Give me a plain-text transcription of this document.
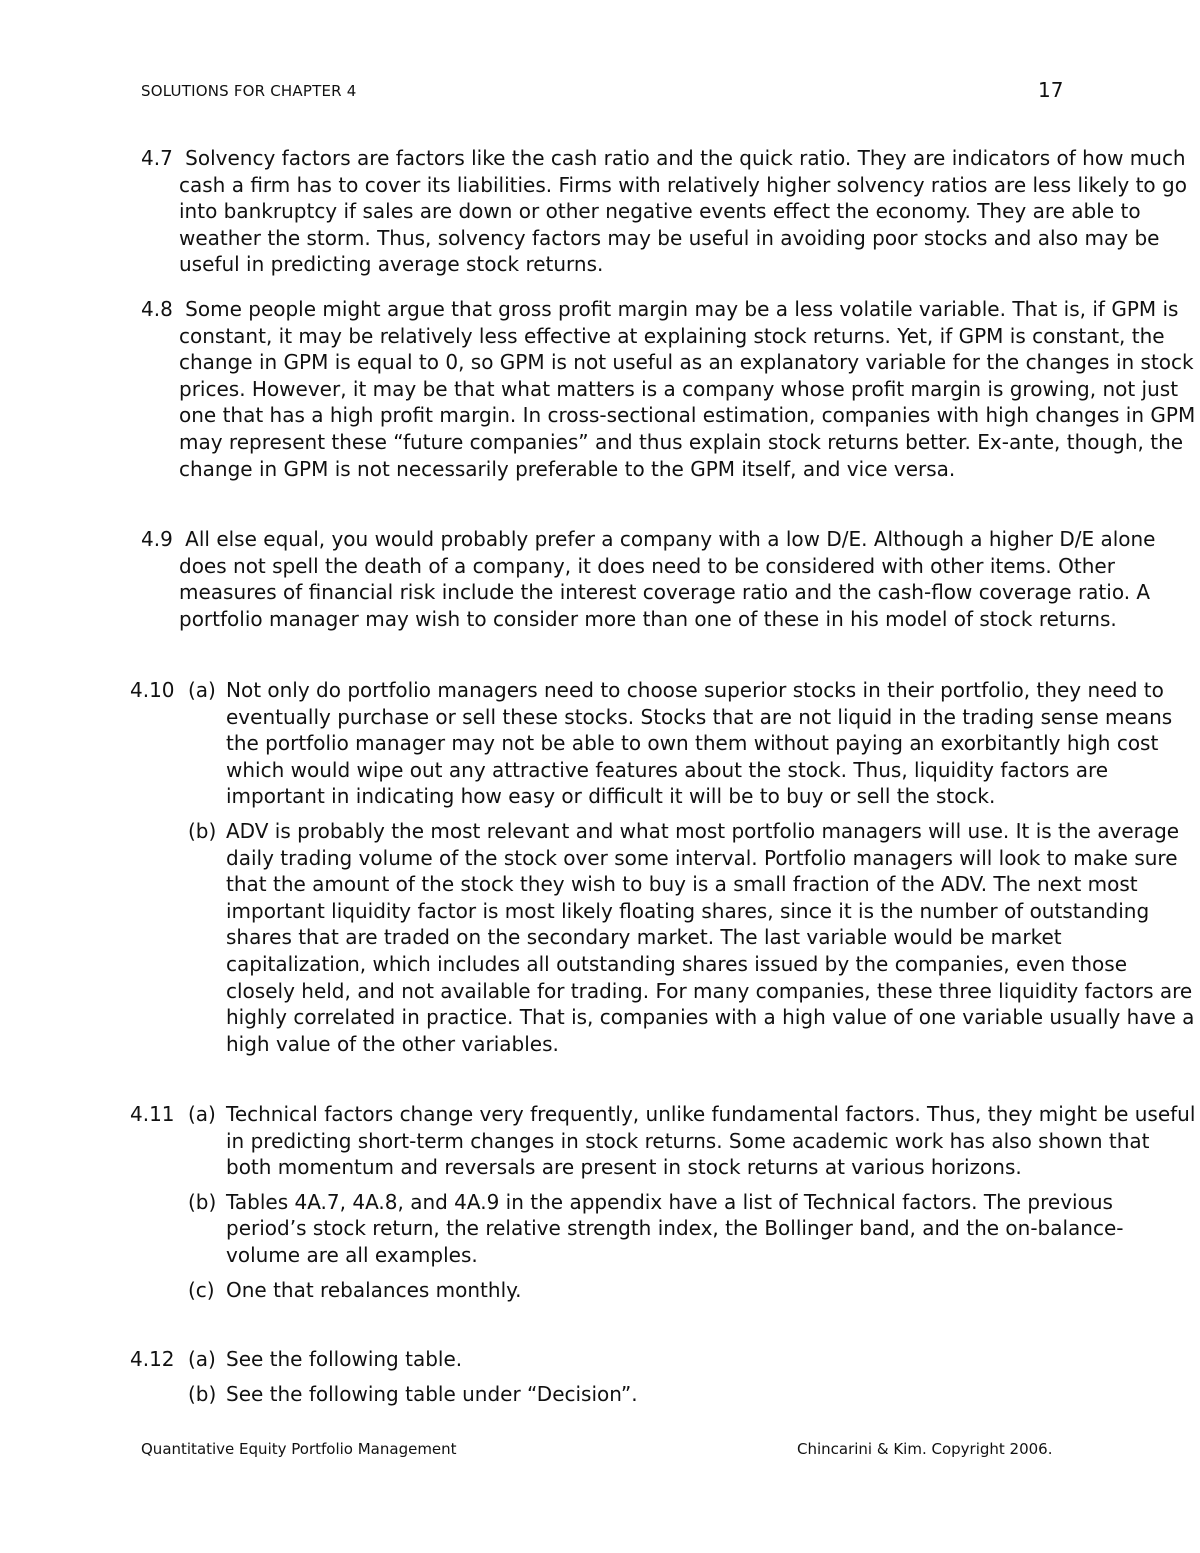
SOLUTIONS FOR CHAPTER 4	17
4.7 Solvency factors are factors like the cash ratio and the quick ratio. They are indicators of how much cash a firm has to cover its liabilities. Firms with relatively higher solvency ratios are less likely to go into bankruptcy if sales are down or other negative events effect the economy. They are able to weather the storm. Thus, solvency factors may be useful in avoiding poor stocks and also may be useful in predicting average stock returns.
4.8 Some people might argue that gross profit margin may be a less volatile variable. That is, if GPM is constant, it may be relatively less effective at explaining stock returns. Yet, if GPM is constant, the change in GPM is equal to 0, so GPM is not useful as an explanatory variable for the changes in stock prices. However, it may be that what matters is a company whose profit margin is growing, not just one that has a high profit margin. In cross-sectional estimation, companies with high changes in GPM may represent these “future companies” and thus explain stock returns better. Ex-ante, though, the change in GPM is not necessarily preferable to the GPM itself, and vice versa.
4.9 All else equal, you would probably prefer a company with a low D/E. Although a higher D/E alone does not spell the death of a company, it does need to be considered with other items. Other measures of financial risk include the interest coverage ratio and the cash-flow coverage ratio. A portfolio manager may wish to consider more than one of these in his model of stock returns.
4.10 (a) Not only do portfolio managers need to choose superior stocks in their portfolio, they need to eventually purchase or sell these stocks. Stocks that are not liquid in the trading sense means the portfolio manager may not be able to own them without paying an exorbitantly high cost which would wipe out any attractive features about the stock. Thus, liquidity factors are important in indicating how easy or difficult it will be to buy or sell the stock.
(b) ADV is probably the most relevant and what most portfolio managers will use. It is the average daily trading volume of the stock over some interval. Portfolio managers will look to make sure that the amount of the stock they wish to buy is a small fraction of the ADV. The next most important liquidity factor is most likely floating shares, since it is the number of outstanding shares that are traded on the secondary market. The last variable would be market capitalization, which includes all outstanding shares issued by the companies, even those closely held, and not available for trading. For many companies, these three liquidity factors are highly correlated in practice. That is, companies with a high value of one variable usually have a high value of the other variables.
4.11 (a) Technical factors change very frequently, unlike fundamental factors. Thus, they might be useful in predicting short-term changes in stock returns. Some academic work has also shown that both momentum and reversals are present in stock returns at various horizons.
(b) Tables 4A.7, 4A.8, and 4A.9 in the appendix have a list of Technical factors. The previous period’s stock return, the relative strength index, the Bollinger band, and the on-balance-volume are all examples.
(c) One that rebalances monthly.
4.12 (a) See the following table.
(b) See the following table under “Decision”.
Quantitative Equity Portfolio Management	Chincarini & Kim. Copyright 2006.
